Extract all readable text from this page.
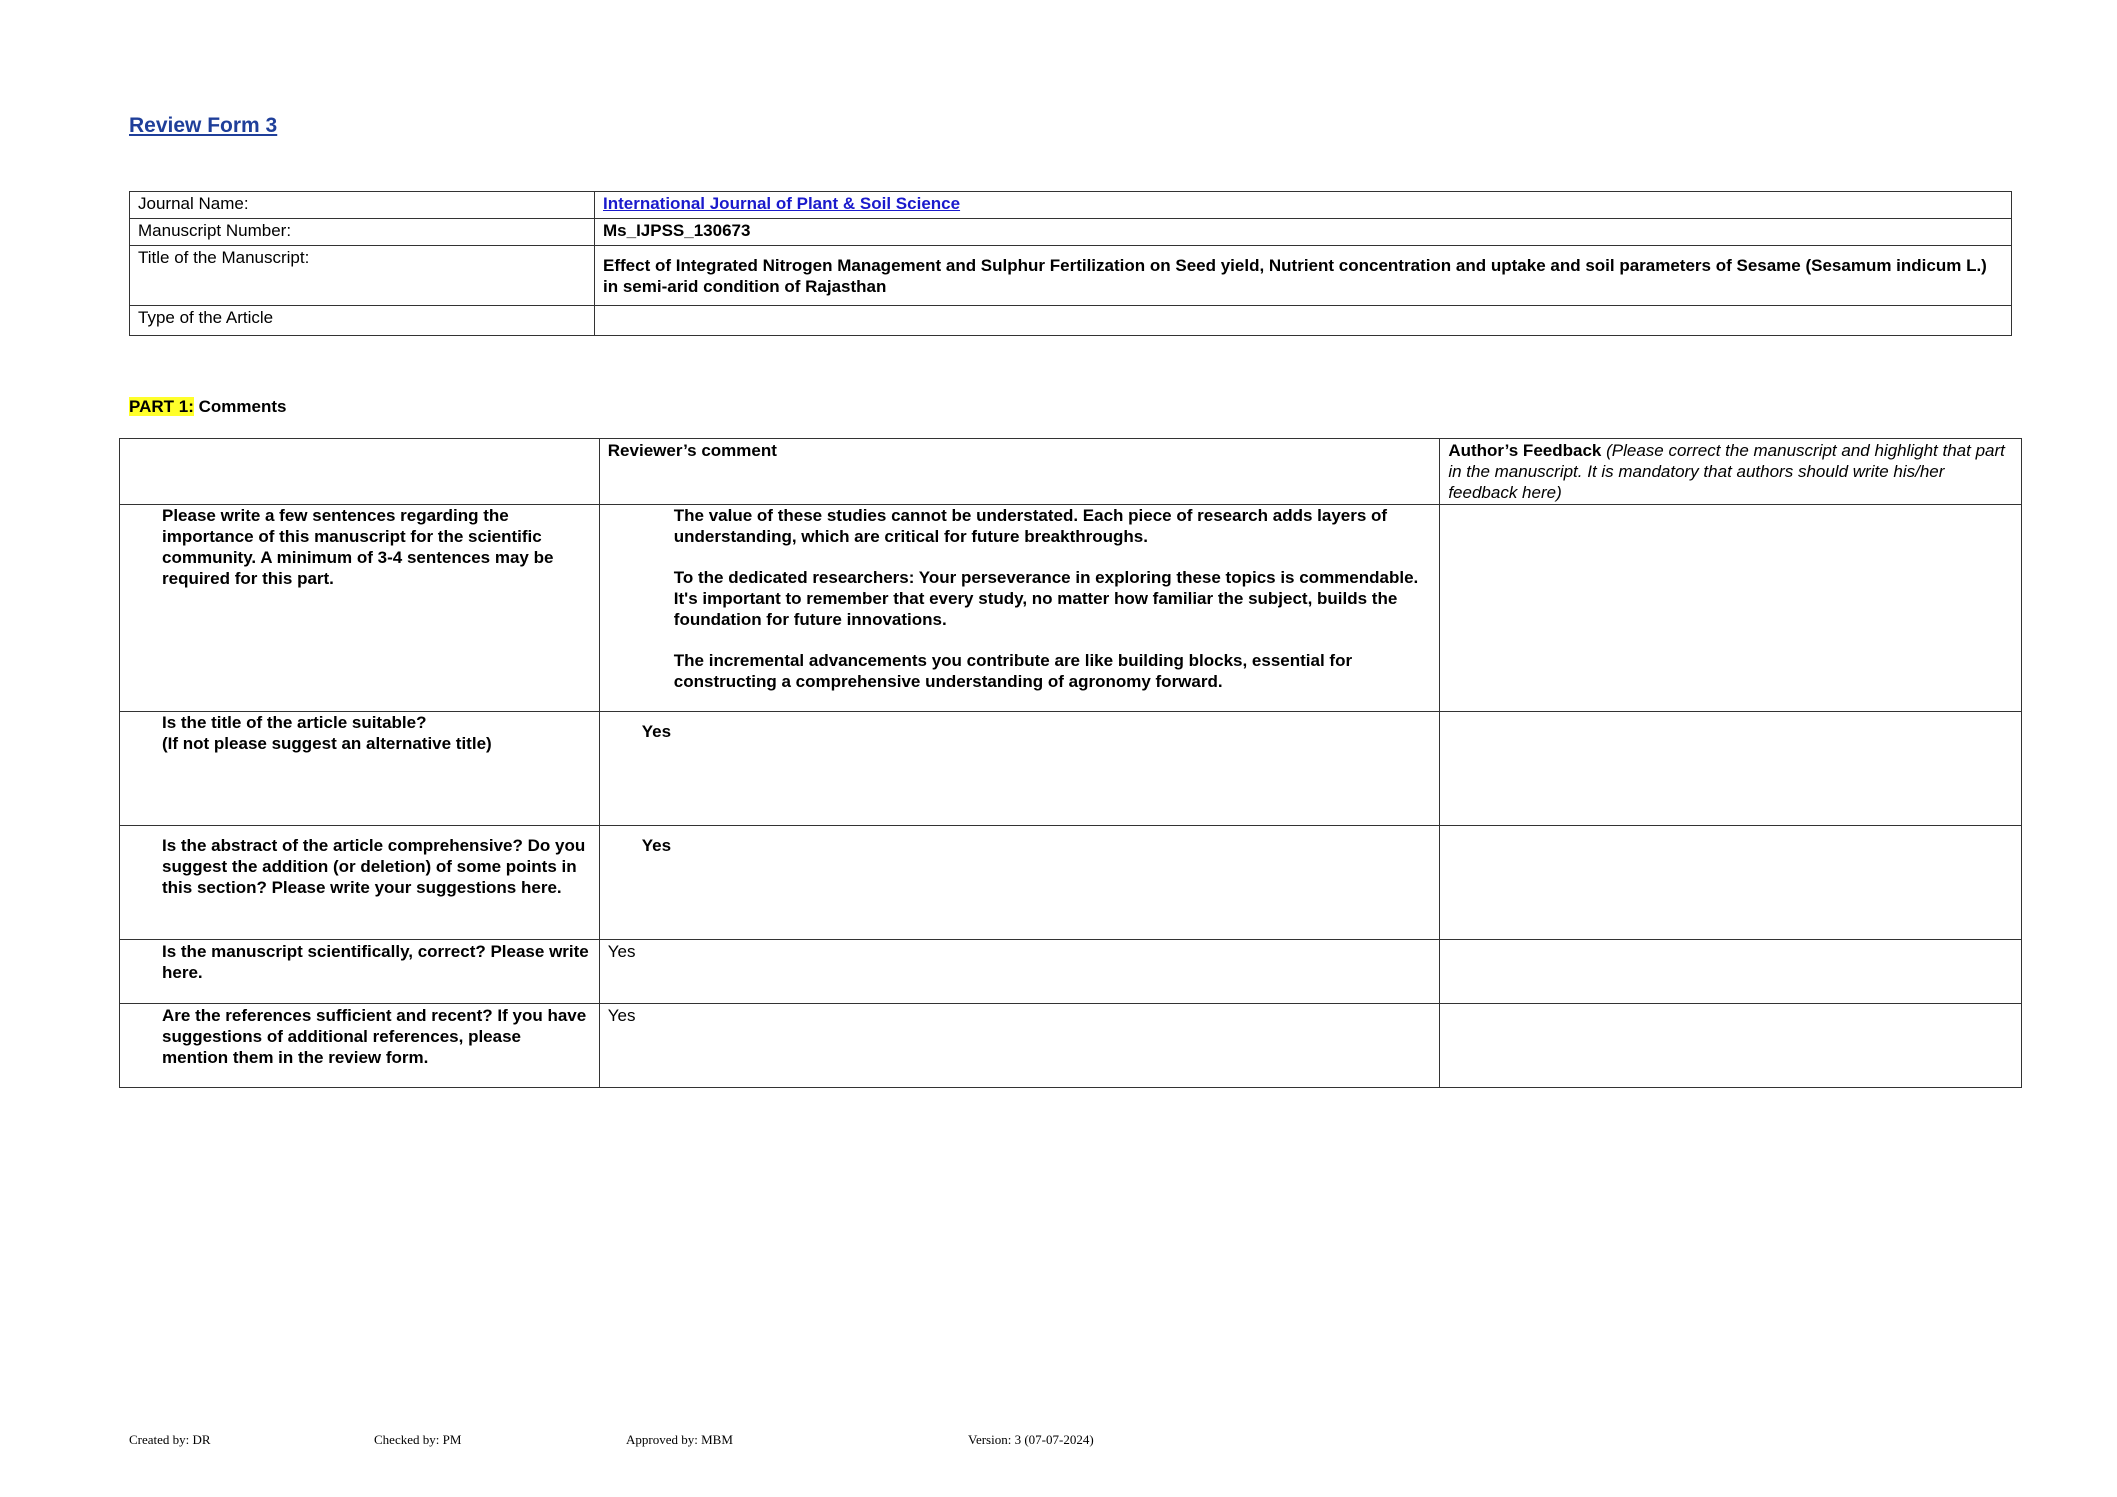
Review Form 3
Journal Name:	International Journal of Plant & Soil Science
Manuscript Number:	Ms_IJPSS_130673
Title of the Manuscript:	Effect of Integrated Nitrogen Management and Sulphur Fertilization on Seed yield, Nutrient concentration and uptake and soil parameters of Sesame (Sesamum indicum L.) in semi-arid condition of Rajasthan
Type of the Article	
PART 1: Comments
	Reviewer’s comment	Author’s Feedback (Please correct the manuscript and highlight that part in the manuscript. It is mandatory that authors should write his/her feedback here)
Please write a few sentences regarding the importance of this manuscript for the scientific community. A minimum of 3-4 sentences may be required for this part.	The value of these studies cannot be understated. Each piece of research adds layers of understanding, which are critical for future breakthroughs.

To the dedicated researchers: Your perseverance in exploring these topics is commendable. It's important to remember that every study, no matter how familiar the subject, builds the foundation for future innovations.

The incremental advancements you contribute are like building blocks, essential for constructing a comprehensive understanding of agronomy forward.	

Is the title of the article suitable?
(If not please suggest an alternative title)	Yes	
Is the abstract of the article comprehensive? Do you suggest the addition (or deletion) of some points in this section? Please write your suggestions here.	Yes	
Is the manuscript scientifically, correct? Please write here.	Yes	
Are the references sufficient and recent? If you have suggestions of additional references, please mention them in the review form.	Yes	
Created by: DR	Checked by: PM	Approved by: MBM	Version: 3 (07-07-2024)
